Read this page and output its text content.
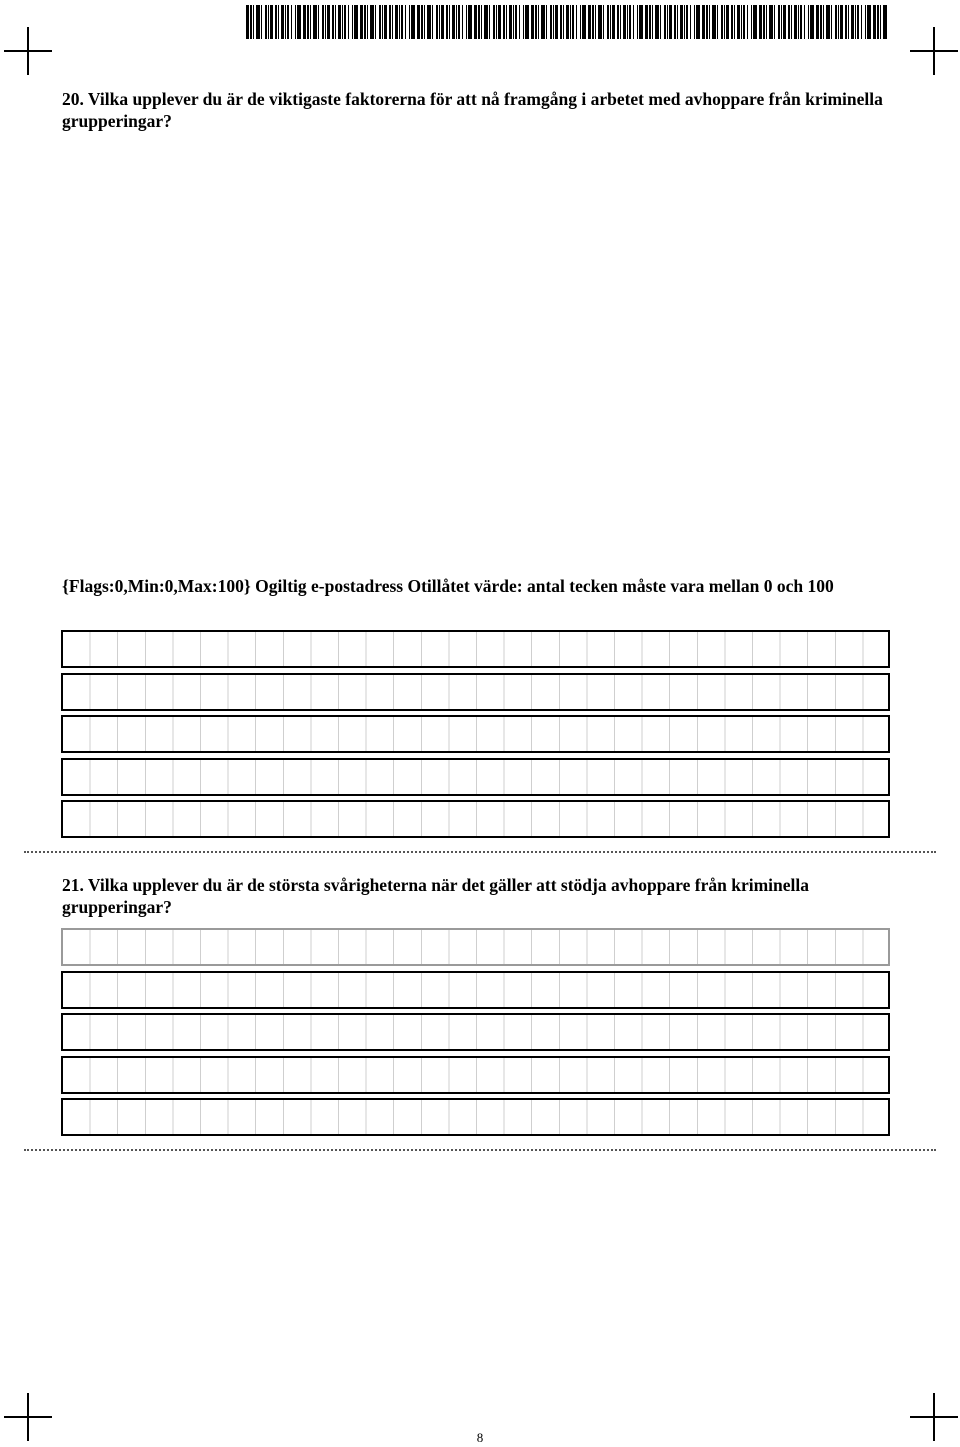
20. Vilka upplever du är de viktigaste faktorerna för att nå framgång i arbetet med avhoppare från kriminella grupperingar?
{Flags:0,Min:0,Max:100} Ogiltig e-postadress Otillåtet värde: antal tecken måste vara mellan 0 och 100
21. Vilka upplever du är de största svårigheterna när det gäller att stödja avhoppare från kriminella grupperingar?
8
